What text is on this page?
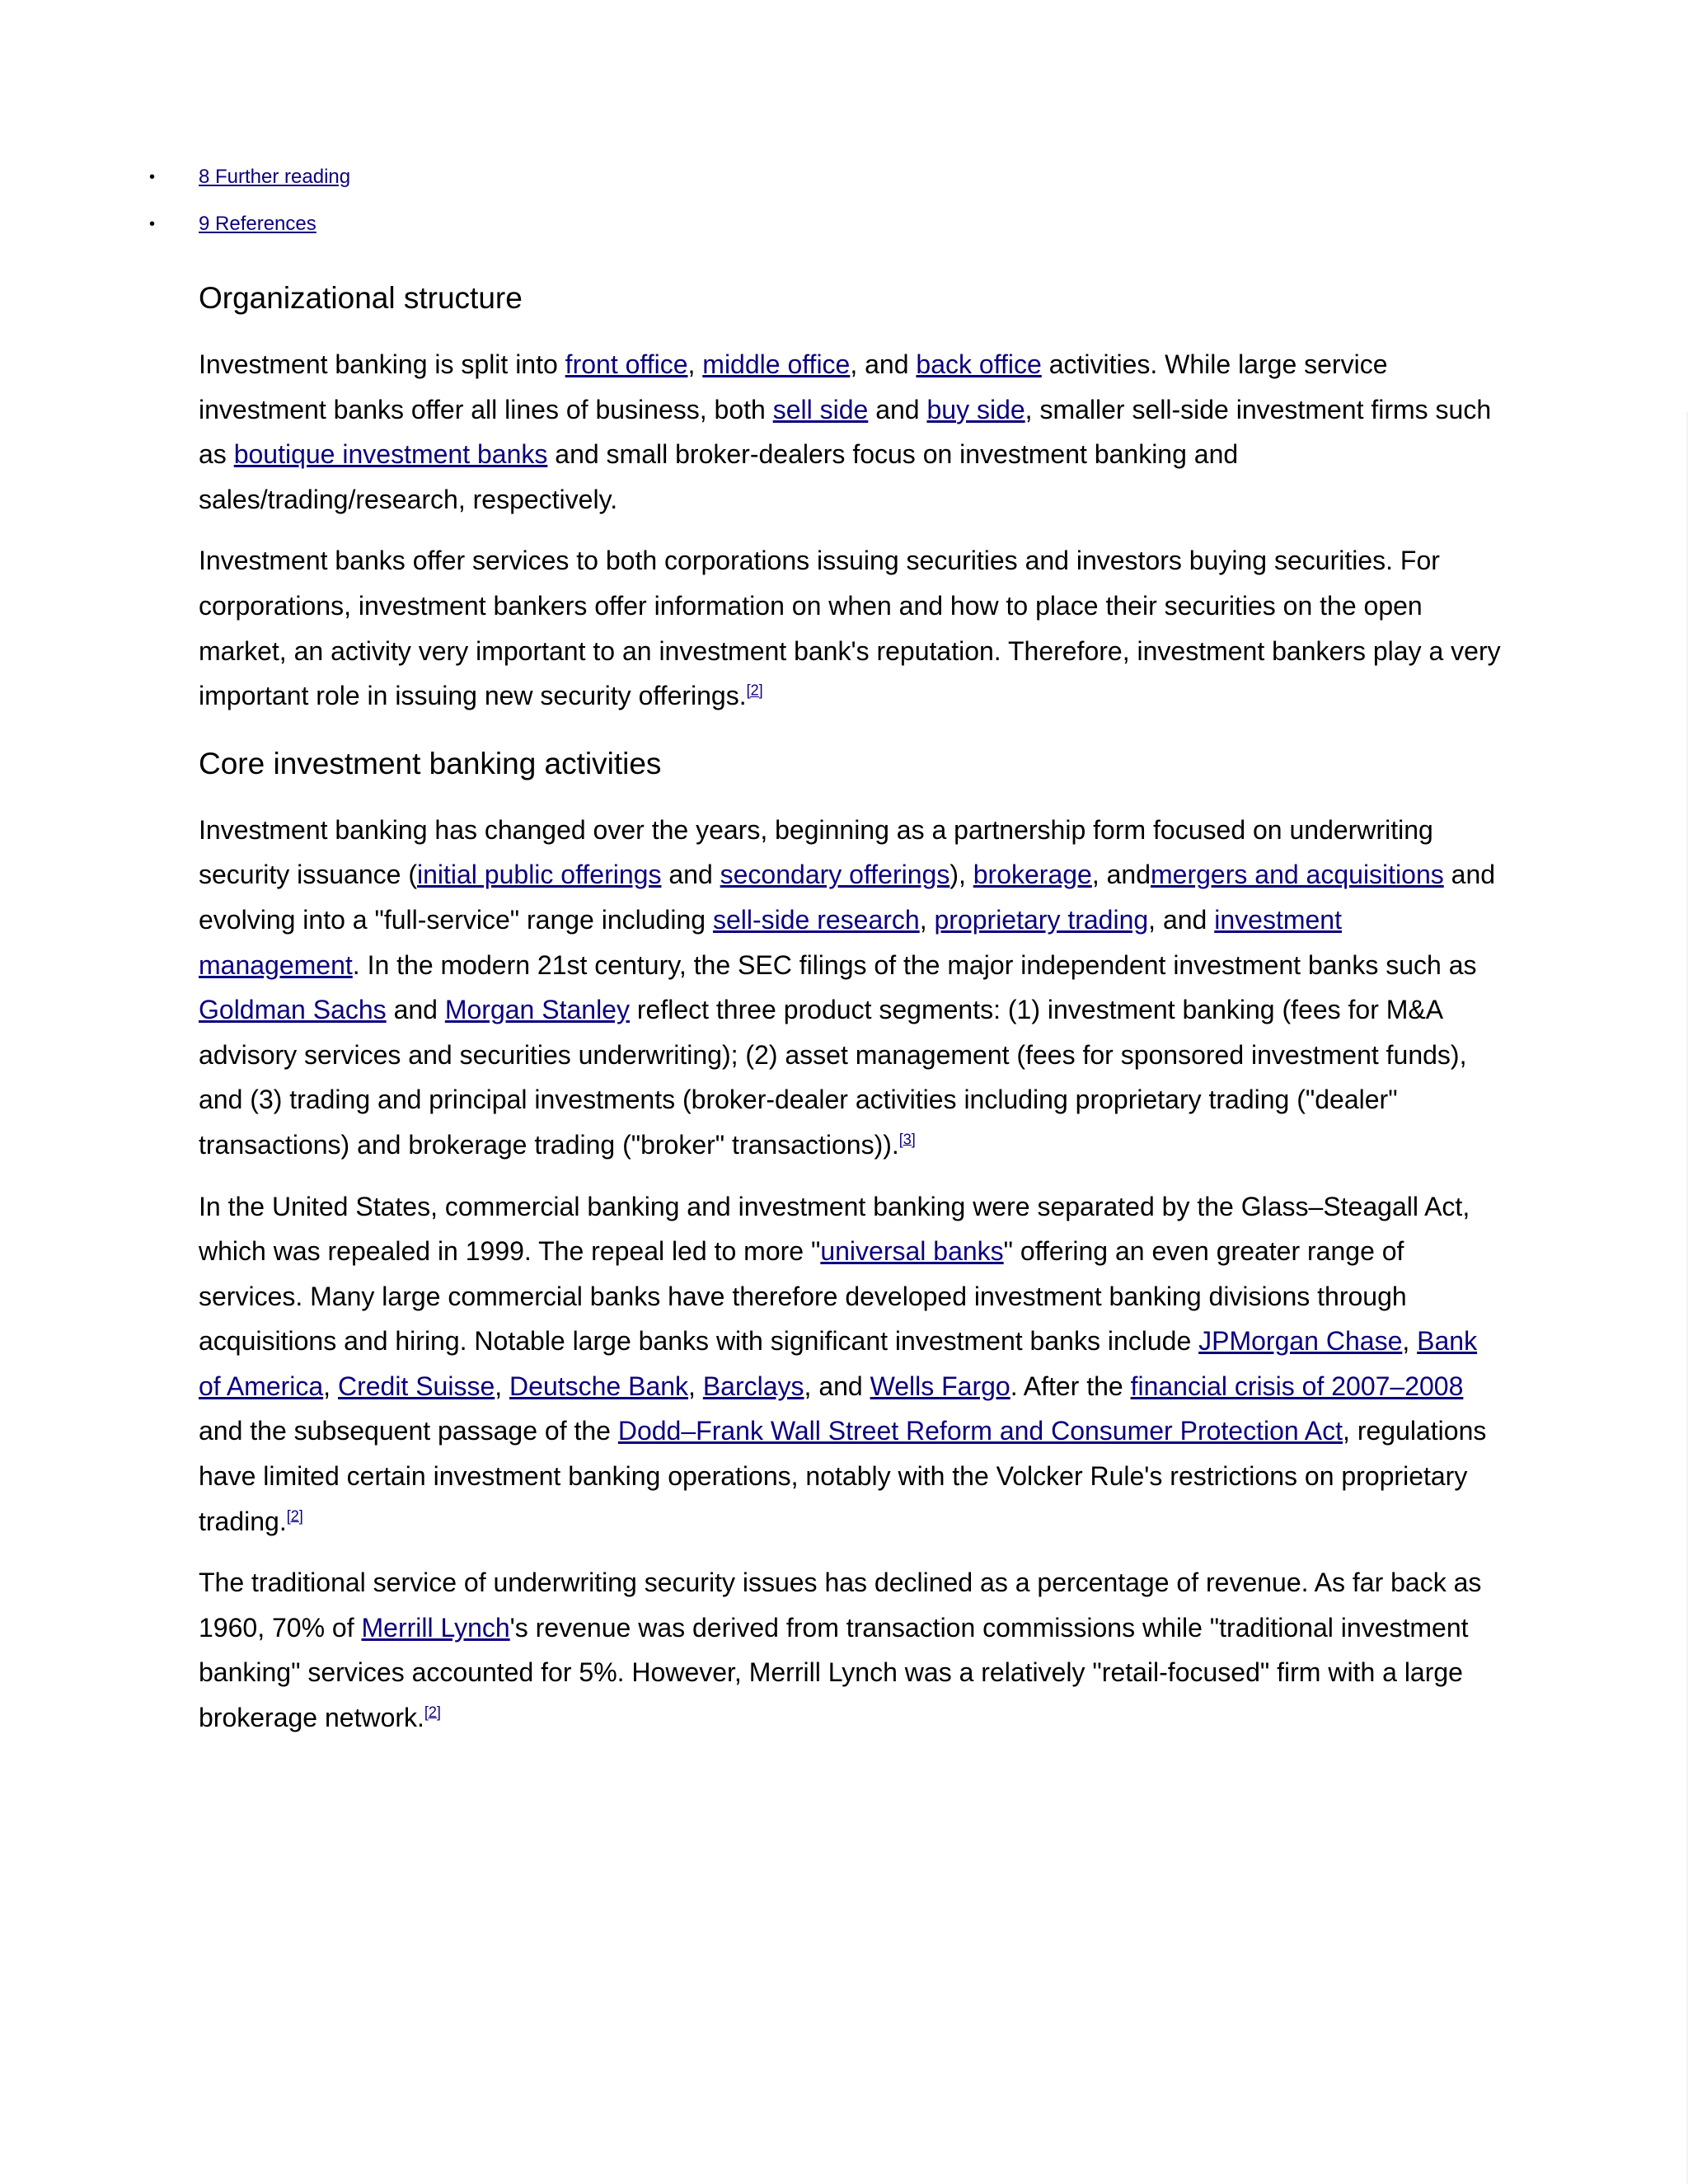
• 8 Further reading
• 9 References
Organizational structure

Investment banking is split into front office, middle office, and back office activities. While large service investment banks offer all lines of business, both sell side and buy side, smaller sell-side investment firms such as boutique investment banks and small broker-dealers focus on investment banking and sales/trading/research, respectively.

Investment banks offer services to both corporations issuing securities and investors buying securities. For corporations, investment bankers offer information on when and how to place their securities on the open market, an activity very important to an investment bank's reputation. Therefore, investment bankers play a very important role in issuing new security offerings.[2]

Core investment banking activities

Investment banking has changed over the years, beginning as a partnership form focused on underwriting security issuance (initial public offerings and secondary offerings), brokerage, andmergers and acquisitions and evolving into a "full-service" range including sell-side research, proprietary trading, and investment management. In the modern 21st century, the SEC filings of the major independent investment banks such as Goldman Sachs and Morgan Stanley reflect three product segments: (1) investment banking (fees for M&A advisory services and securities underwriting); (2) asset management (fees for sponsored investment funds), and (3) trading and principal investments (broker-dealer activities including proprietary trading ("dealer" transactions) and brokerage trading ("broker" transactions)).[3]

In the United States, commercial banking and investment banking were separated by the Glass–Steagall Act, which was repealed in 1999. The repeal led to more "universal banks" offering an even greater range of services. Many large commercial banks have therefore developed investment banking divisions through acquisitions and hiring. Notable large banks with significant investment banks include JPMorgan Chase, Bank of America, Credit Suisse, Deutsche Bank, Barclays, and Wells Fargo. After the financial crisis of 2007–2008 and the subsequent passage of the Dodd–Frank Wall Street Reform and Consumer Protection Act, regulations have limited certain investment banking operations, notably with the Volcker Rule's restrictions on proprietary trading.[2]

The traditional service of underwriting security issues has declined as a percentage of revenue. As far back as 1960, 70% of Merrill Lynch's revenue was derived from transaction commissions while "traditional investment banking" services accounted for 5%. However, Merrill Lynch was a relatively "retail-focused" firm with a large brokerage network.[2]
